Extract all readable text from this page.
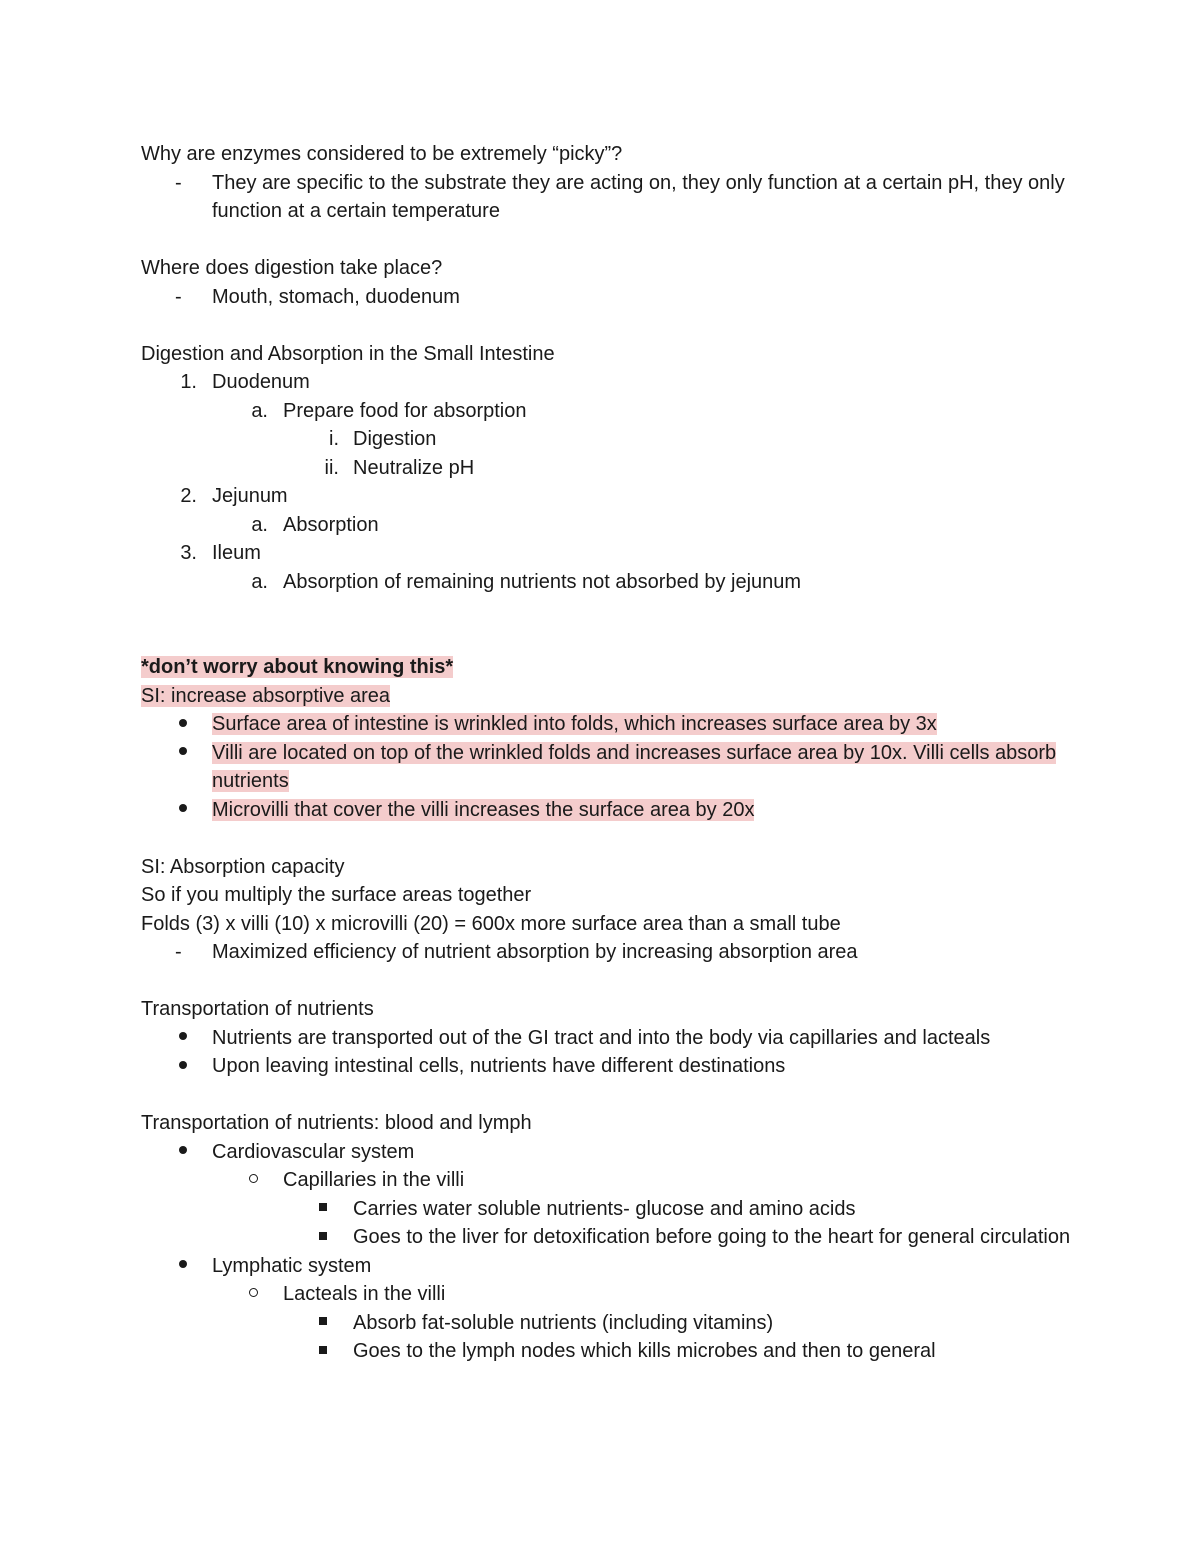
Why are enzymes considered to be extremely “picky”?
-	They are specific to the substrate they are acting on, they only function at a certain pH, they only function at a certain temperature
Where does digestion take place?
-	Mouth, stomach, duodenum
Digestion and Absorption in the Small Intestine
1. Duodenum
a. Prepare food for absorption
i. Digestion
ii. Neutralize pH
2. Jejunum
a. Absorption
3. Ileum
a. Absorption of remaining nutrients not absorbed by jejunum
*don’t worry about knowing this*
SI: increase absorptive area
Surface area of intestine is wrinkled into folds, which increases surface area by 3x
Villi are located on top of the wrinkled folds and increases surface area by 10x. Villi cells absorb nutrients
Microvilli that cover the villi increases the surface area by 20x
SI: Absorption capacity
So if you multiply the surface areas together
Folds (3) x villi (10) x microvilli (20) = 600x more surface area than a small tube
-	Maximized efficiency of nutrient absorption by increasing absorption area
Transportation of nutrients
Nutrients are transported out of the GI tract and into the body via capillaries and lacteals
Upon leaving intestinal cells, nutrients have different destinations
Transportation of nutrients: blood and lymph
Cardiovascular system
Capillaries in the villi
Carries water soluble nutrients- glucose and amino acids
Goes to the liver for detoxification before going to the heart for general circulation
Lymphatic system
Lacteals in the villi
Absorb fat-soluble nutrients (including vitamins)
Goes to the lymph nodes which kills microbes and then to general
